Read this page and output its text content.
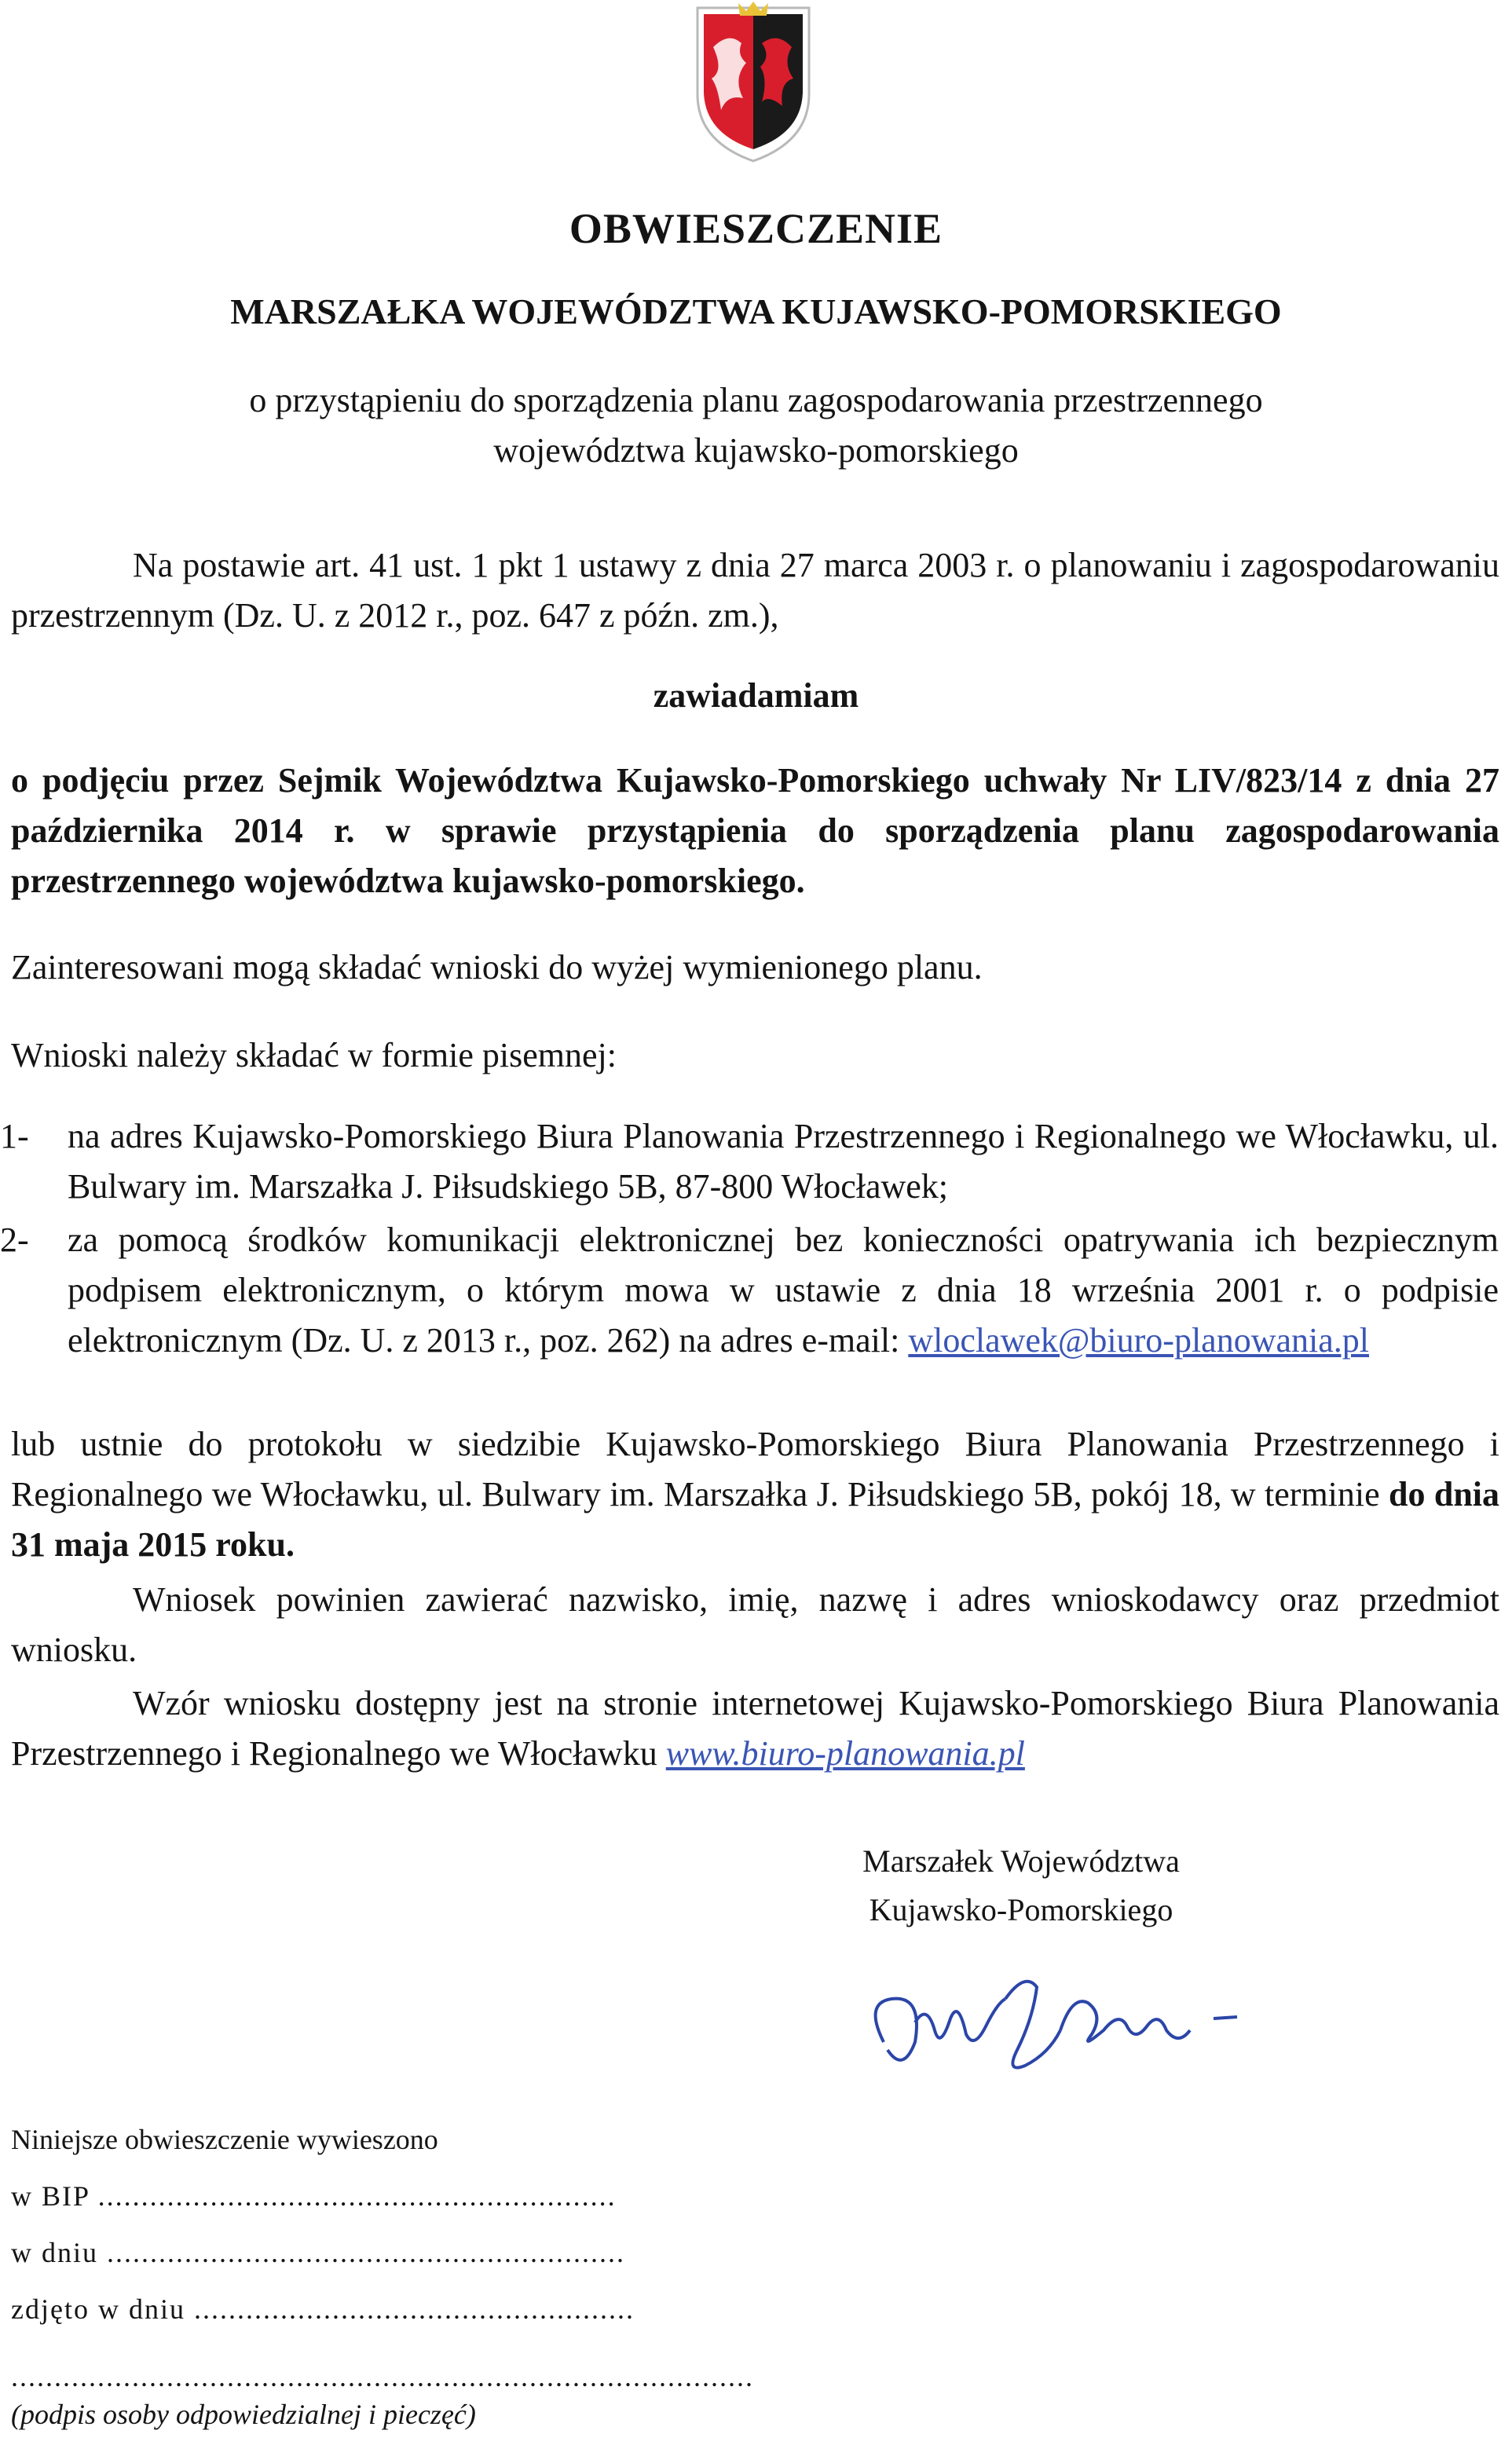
OBWIESZCZENIE
MARSZAŁKA WOJEWÓDZTWA KUJAWSKO-POMORSKIEGO
o przystąpieniu do sporządzenia planu zagospodarowania przestrzennego
województwa kujawsko-pomorskiego
Na postawie art. 41 ust. 1 pkt 1 ustawy z dnia 27 marca 2003 r. o planowaniu i zagospodarowaniu przestrzennym (Dz. U. z 2012 r., poz. 647 z późn. zm.),
zawiadamiam
o podjęciu przez Sejmik Województwa Kujawsko-Pomorskiego uchwały Nr LIV/823/14 z dnia 27 października 2014 r. w sprawie przystąpienia do sporządzenia planu zagospodarowania przestrzennego województwa kujawsko-pomorskiego.
Zainteresowani mogą składać wnioski do wyżej wymienionego planu.
Wnioski należy składać w formie pisemnej:
1- na adres Kujawsko-Pomorskiego Biura Planowania Przestrzennego i Regionalnego we Włocławku, ul. Bulwary im. Marszałka J. Piłsudskiego 5B, 87-800 Włocławek;
2- za pomocą środków komunikacji elektronicznej bez konieczności opatrywania ich bezpiecznym podpisem elektronicznym, o którym mowa w ustawie z dnia 18 września 2001 r. o podpisie elektronicznym (Dz. U. z 2013 r., poz. 262) na adres e-mail: wloclawek@biuro-planowania.pl
lub ustnie do protokołu w siedzibie Kujawsko-Pomorskiego Biura Planowania Przestrzennego i Regionalnego we Włocławku, ul. Bulwary im. Marszałka J. Piłsudskiego 5B, pokój 18, w terminie do dnia 31 maja 2015 roku.
Wniosek powinien zawierać nazwisko, imię, nazwę i adres wnioskodawcy oraz przedmiot wniosku.
Wzór wniosku dostępny jest na stronie internetowej Kujawsko-Pomorskiego Biura Planowania Przestrzennego i Regionalnego we Włocławku www.biuro-planowania.pl
Marszałek Województwa
Kujawsko-Pomorskiego
Niniejsze obwieszczenie wywieszono
w BIP ............................................................
w dniu ............................................................
zdjęto w dniu ...................................................
......................................................................................
(podpis osoby odpowiedzialnej i pieczęć)
